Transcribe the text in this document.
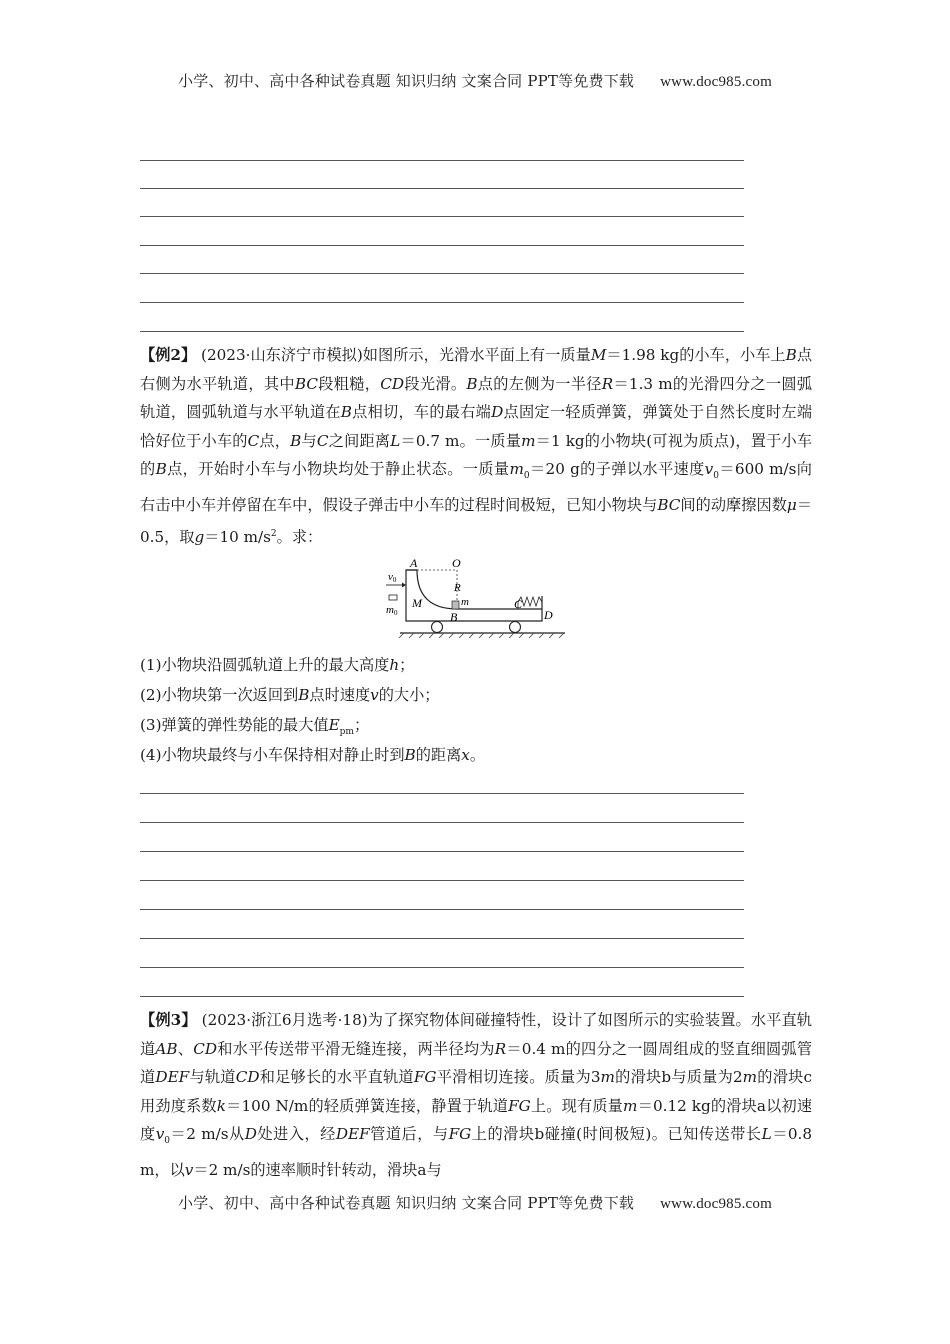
小学、初中、高中各种试卷真题 知识归纳 文案合同 PPT等免费下载 www.doc985.com
【例2】 (2023·山东济宁市模拟)如图所示，光滑水平面上有一质量M＝1.98 kg的小车，小车上B点右侧为水平轨道，其中BC段粗糙，CD段光滑。B点的左侧为一半径R＝1.3 m的光滑四分之一圆弧轨道，圆弧轨道与水平轨道在B点相切，车的最右端D点固定一轻质弹簧，弹簧处于自然长度时左端恰好位于小车的C点，B与C之间距离L＝0.7 m。一质量m＝1 kg的小物块(可视为质点)，置于小车的B点，开始时小车与小物块均处于静止状态。一质量$m_0=20$ g的子弹以水平速度$v_0=600$ m/s向右击中小车并停留在车中，假设子弹击中小车的过程时间极短，已知小物块与BC间的动摩擦因数μ＝0.5，取g＝10 $m/s^2$。求：
A	O
R
m
M
B
C
D
v0
m0
(1)小物块沿圆弧轨道上升的最大高度h；
(2)小物块第一次返回到B点时速度v的大小；
(3)弹簧的弹性势能的最大值$E_{pm}$；
(4)小物块最终与小车保持相对静止时到B的距离x。
【例3】 (2023·浙江6月选考·18)为了探究物体间碰撞特性，设计了如图所示的实验装置。水平直轨道AB、CD和水平传送带平滑无缝连接，两半径均为R＝0.4 m的四分之一圆周组成的竖直细圆弧管道DEF与轨道CD和足够长的水平直轨道FG平滑相切连接。质量为3m的滑块b与质量为2m的滑块c用劲度系数k＝100 N/m的轻质弹簧连接，静置于轨道FG上。现有质量m＝0.12 kg的滑块a以初速度$v_0=2$ m/s从D处进入，经DEF管道后，与FG上的滑块b碰撞(时间极短)。已知传送带长L＝0.8 m，以v＝2 m/s的速率顺时针转动，滑块a与
小学、初中、高中各种试卷真题 知识归纳 文案合同 PPT等免费下载 www.doc985.com
